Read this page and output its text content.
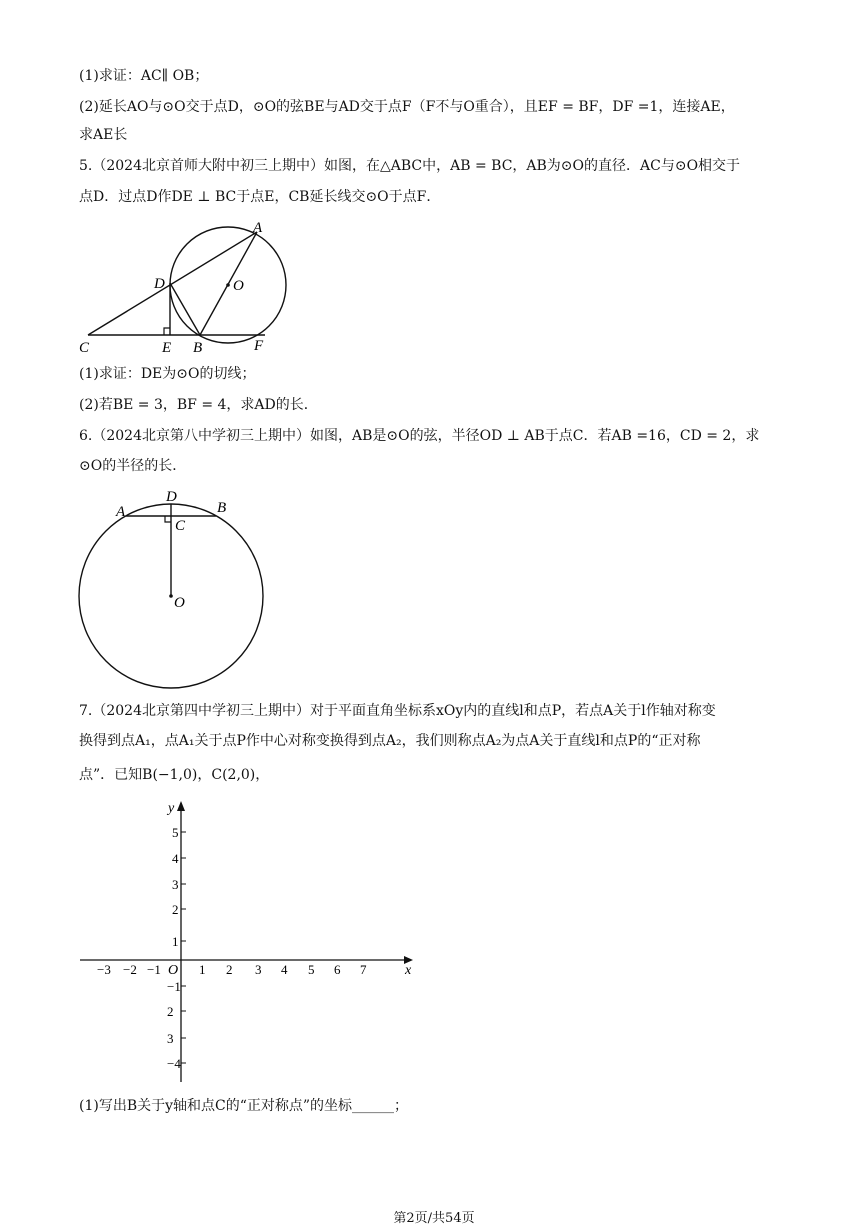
(1)求证：AC∥ OB；
(2)延长AO与⊙O交于点D，⊙O的弦BE与AD交于点F（F不与O重合），且EF = BF，DF =1，连接AE，
求AE长
5.（2024北京首师大附中初三上期中）如图，在△ABC中，AB = BC，AB为⊙O的直径．AC与⊙O相交于
点D．过点D作DE ⊥ BC于点E，CB延长线交⊙O于点F．
A
D	O
C	E B	F
(1)求证：DE为⊙O的切线；
(2)若BE = 3，BF = 4，求AD的长．
6.（2024北京第八中学初三上期中）如图，AB是⊙O的弦，半径OD ⊥ AB于点C．若AB =16，CD = 2，求
⊙O的半径的长．
A
D
B
C
O
7.（2024北京第四中学初三上期中）对于平面直角坐标系xOy内的直线l和点P，若点A关于l作轴对称变
换得到点A₁，点A₁关于点P作中心对称变换得到点A₂，我们则称点A₂为点A关于直线l和点P的“正对称
点”．已知B(−1,0)，C(2,0)，
x
y
O
−3 −2 −1	1 2 3 4 5 6 7
5
4
3
2
1
−1
2
3
−4
(1)写出B关于y轴和点C的“正对称点”的坐标______；
第2页/共54页
